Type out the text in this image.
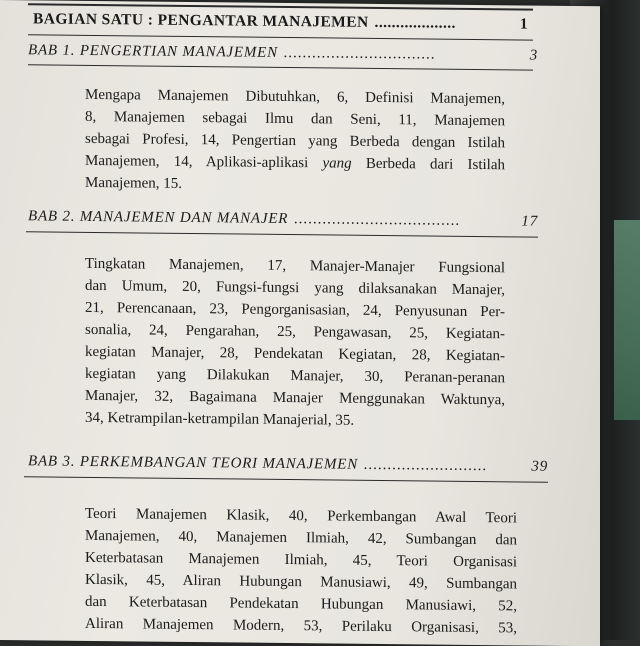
BAGIAN SATU : PENGANTAR MANAJEMEN ...................	1
BAB 1. PENGERTIAN MANAJEMEN ................................	3
Mengapa Manajemen Dibutuhkan, 6, Definisi Manajemen,
8, Manajemen sebagai Ilmu dan Seni, 11, Manajemen
sebagai Profesi, 14, Pengertian yang Berbeda dengan Istilah
Manajemen, 14, Aplikasi-aplikasi yang Berbeda dari Istilah
Manajemen, 15.
BAB 2. MANAJEMEN DAN MANAJER ...................................	17
Tingkatan Manajemen, 17, Manajer-Manajer Fungsional
dan Umum, 20, Fungsi-fungsi yang dilaksanakan Manajer,
21, Perencanaan, 23, Pengorganisasian, 24, Penyusunan Per-
sonalia, 24, Pengarahan, 25, Pengawasan, 25, Kegiatan-
kegiatan Manajer, 28, Pendekatan Kegiatan, 28, Kegiatan-
kegiatan yang Dilakukan Manajer, 30, Peranan-peranan
Manajer, 32, Bagaimana Manajer Menggunakan Waktunya,
34, Ketrampilan-ketrampilan Manajerial, 35.
BAB 3. PERKEMBANGAN TEORI MANAJEMEN ..........................	39
Teori Manajemen Klasik, 40, Perkembangan Awal Teori
Manajemen, 40, Manajemen Ilmiah, 42, Sumbangan dan
Keterbatasan Manajemen Ilmiah, 45, Teori Organisasi
Klasik, 45, Aliran Hubungan Manusiawi, 49, Sumbangan
dan Keterbatasan Pendekatan Hubungan Manusiawi, 52,
Aliran Manajemen Modern, 53, Perilaku Organisasi, 53,
